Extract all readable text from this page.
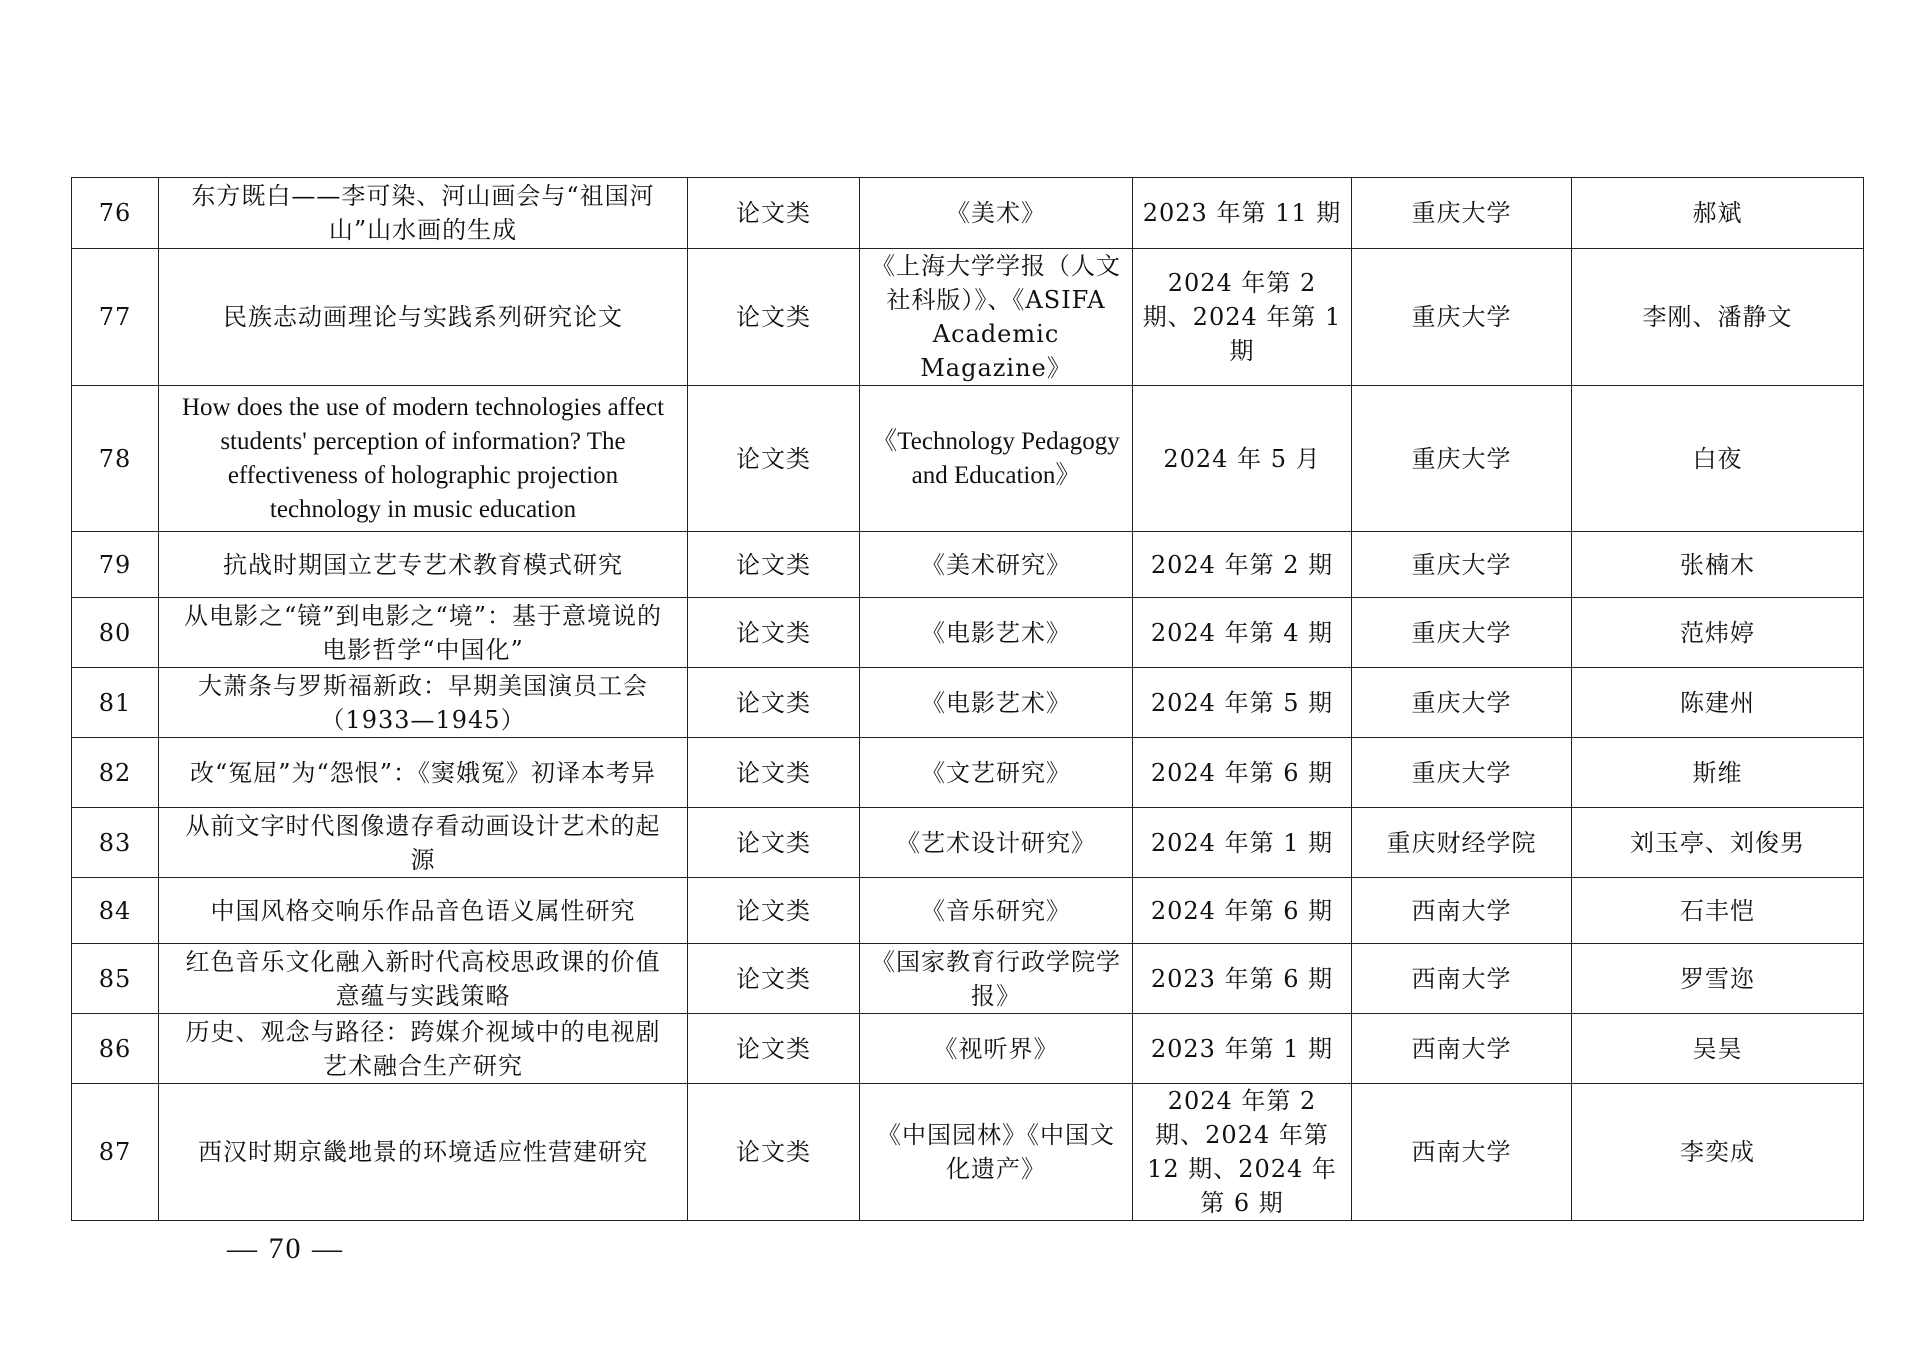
76	东方既白——李可染、河山画会与“祖国河山”山水画的生成	论文类	《美术》	2023 年第 11 期	重庆大学	郝斌
77	民族志动画理论与实践系列研究论文	论文类	《上海大学学报（人文社科版）》、《ASIFA Academic Magazine》	2024 年第 2 期、2024 年第 1 期	重庆大学	李刚、潘静文
78	How does the use of modern technologies affect students' perception of information? The effectiveness of holographic projection technology in music education	论文类	《Technology Pedagogy and Education》	2024 年 5 月	重庆大学	白夜
79	抗战时期国立艺专艺术教育模式研究	论文类	《美术研究》	2024 年第 2 期	重庆大学	张楠木
80	从电影之“镜”到电影之“境”：基于意境说的电影哲学“中国化”	论文类	《电影艺术》	2024 年第 4 期	重庆大学	范炜婷
81	大萧条与罗斯福新政：早期美国演员工会（1933—1945）	论文类	《电影艺术》	2024 年第 5 期	重庆大学	陈建州
82	改“冤屈”为“怨恨”：《窦娥冤》初译本考异	论文类	《文艺研究》	2024 年第 6 期	重庆大学	斯维
83	从前文字时代图像遗存看动画设计艺术的起源	论文类	《艺术设计研究》	2024 年第 1 期	重庆财经学院	刘玉亭、刘俊男
84	中国风格交响乐作品音色语义属性研究	论文类	《音乐研究》	2024 年第 6 期	西南大学	石丰恺
85	红色音乐文化融入新时代高校思政课的价值意蕴与实践策略	论文类	《国家教育行政学院学报》	2023 年第 6 期	西南大学	罗雪迩
86	历史、观念与路径：跨媒介视域中的电视剧艺术融合生产研究	论文类	《视听界》	2023 年第 1 期	西南大学	吴昊
87	西汉时期京畿地景的环境适应性营建研究	论文类	《中国园林》《中国文化遗产》	2024 年第 2 期、2024 年第 12 期、2024 年第 6 期	西南大学	李奕成
— 70 —
